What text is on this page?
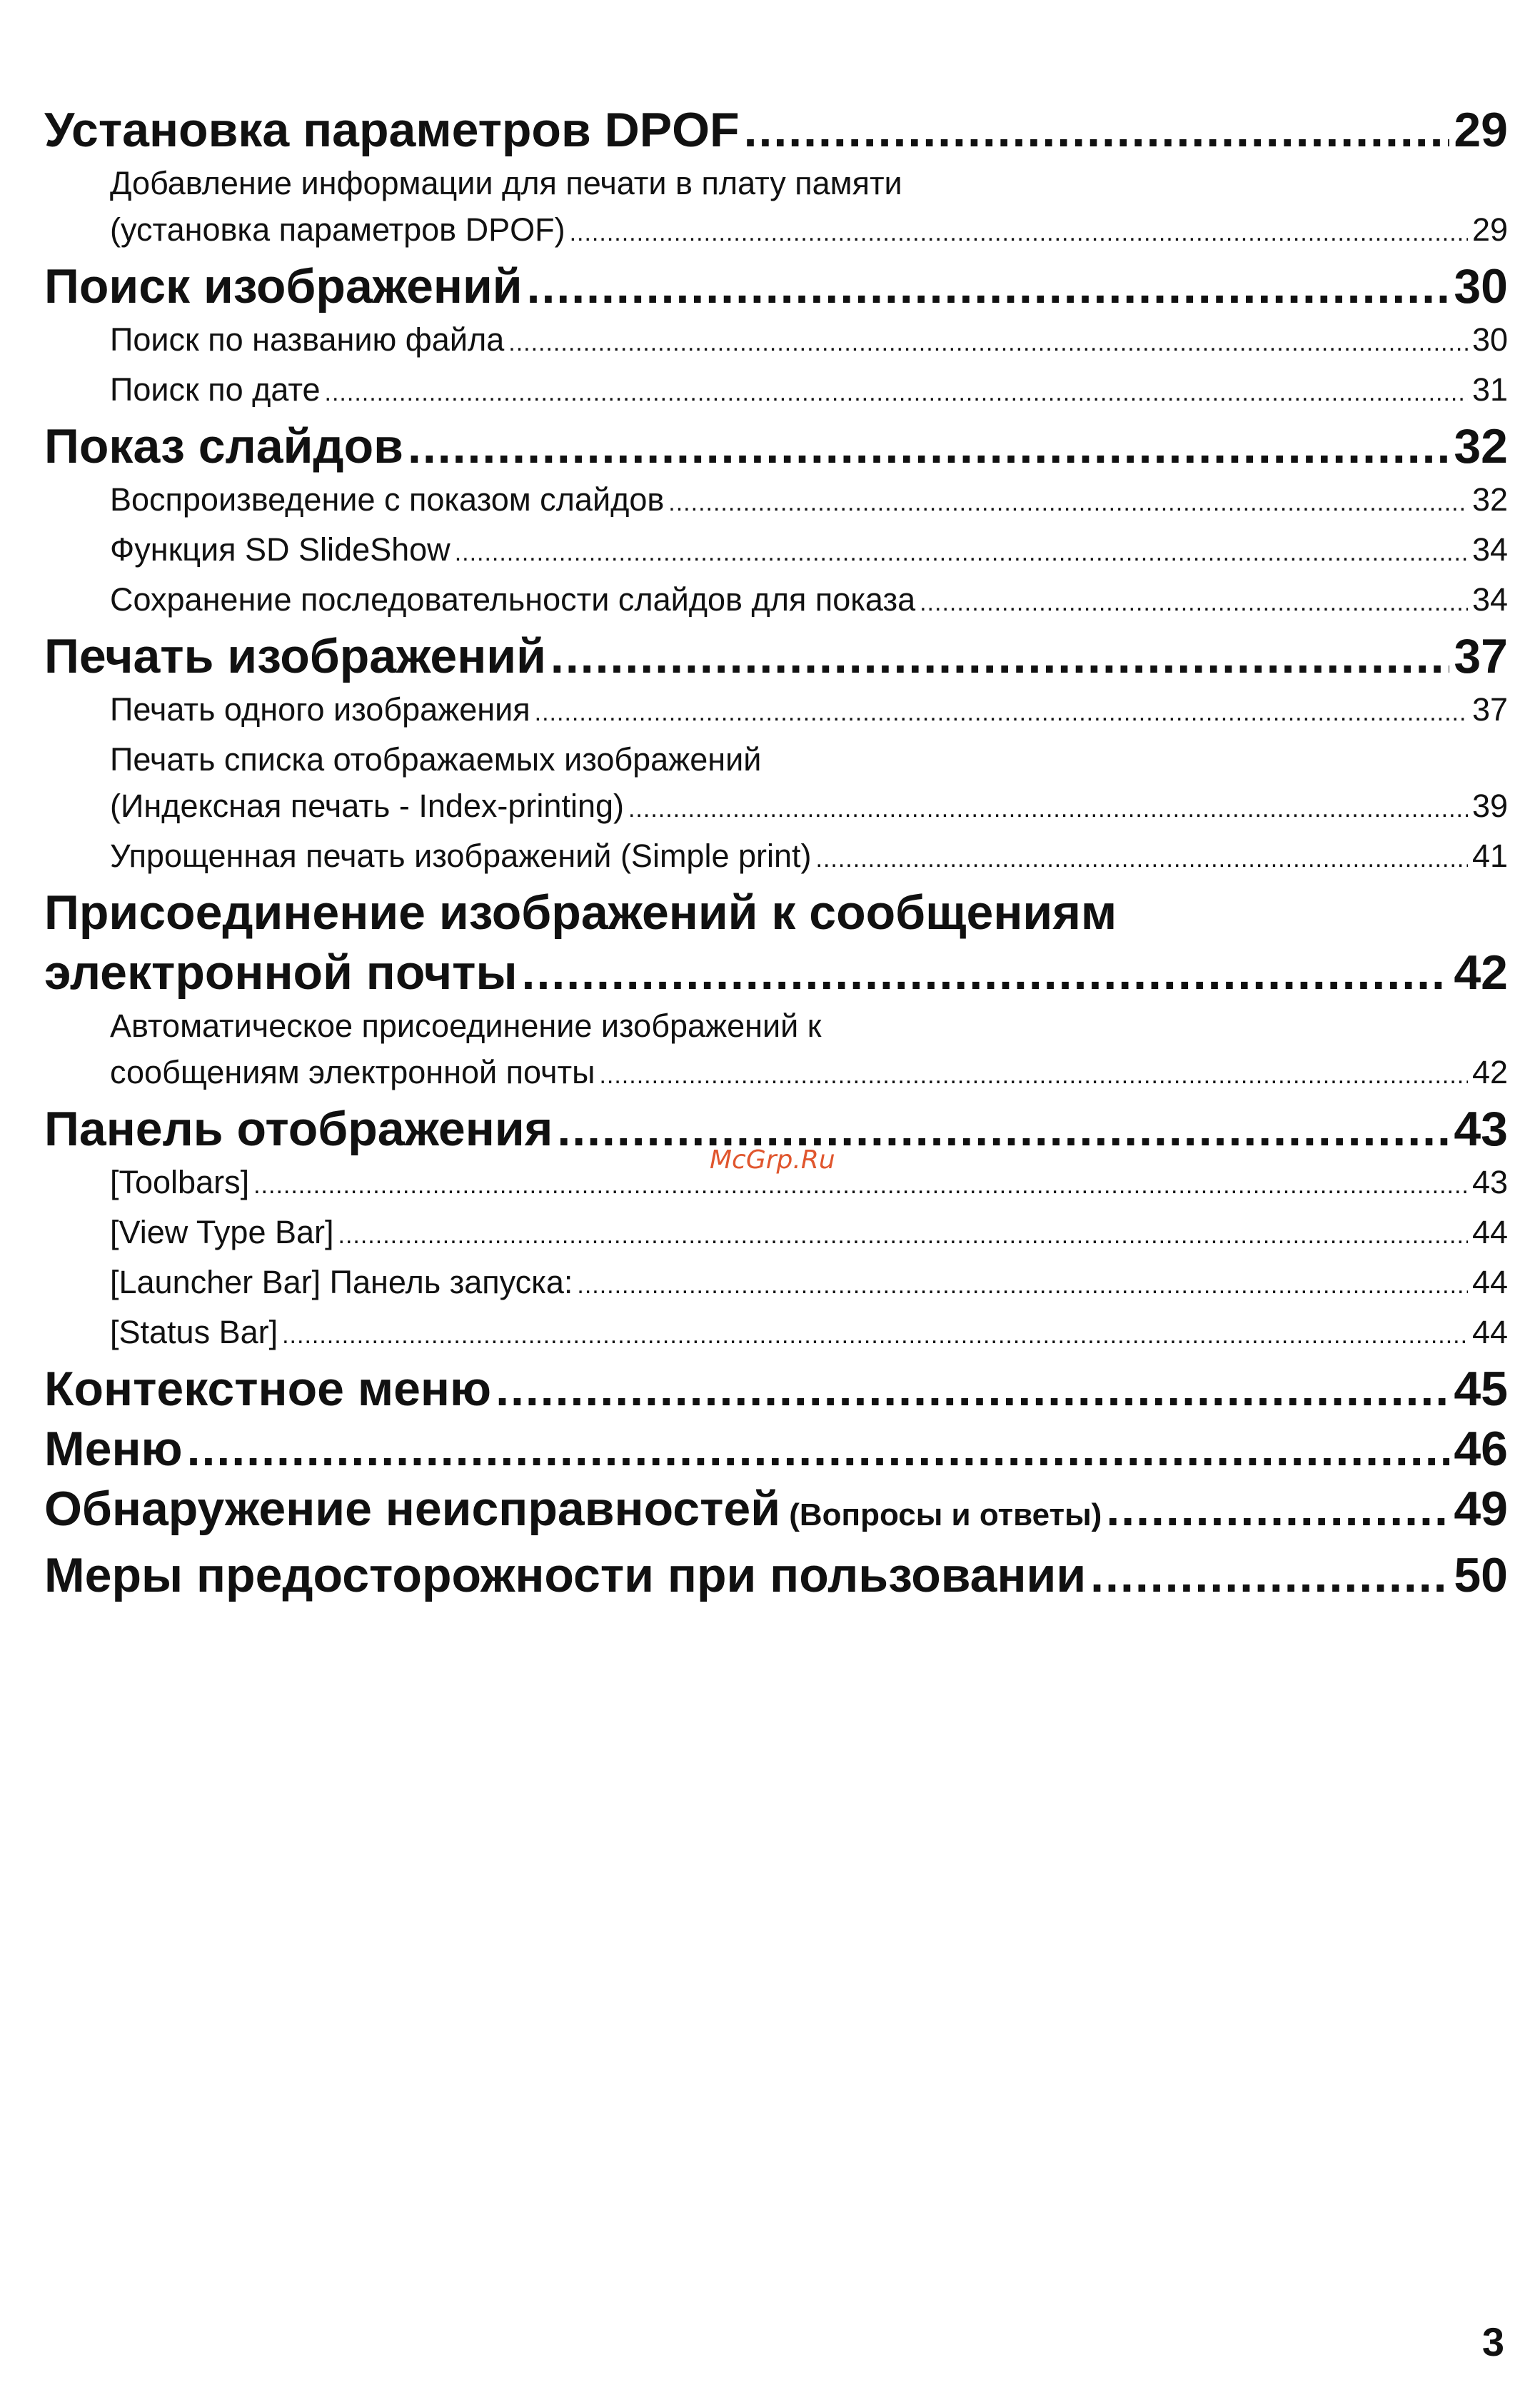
Установка параметров DPOF .....	29
Добавление информации для печати в плату памяти
(установка параметров DPOF) .....	29
Поиск изображений .....	30
Поиск по названию файла .....	30
Поиск по дате .....	31
Показ слайдов .....	32
Воспроизведение с показом слайдов .....	32
Функция SD SlideShow .....	34
Сохранение последовательности слайдов для показа .....	34
Печать изображений .....	37
Печать одного изображения .....	37
Печать списка отображаемых изображений
(Индексная печать - Index-printing) .....	39
Упрощенная печать изображений (Simple print) .....	41
Присоединение изображений к сообщениям
электронной почты .....	42
Автоматическое присоединение изображений к
сообщениям электронной почты .....	42
Панель отображения .....	43
[Toolbars] .....	43
[View Type Bar] .....	44
[Launcher Bar] Панель запуска: .....	44
[Status Bar] .....	44
Контекстное меню .....	45
Меню .....	46
Обнаружение неисправностей (Вопросы и ответы) .....	49
Меры предосторожности при пользовании .....	50
McGrp.Ru
3
